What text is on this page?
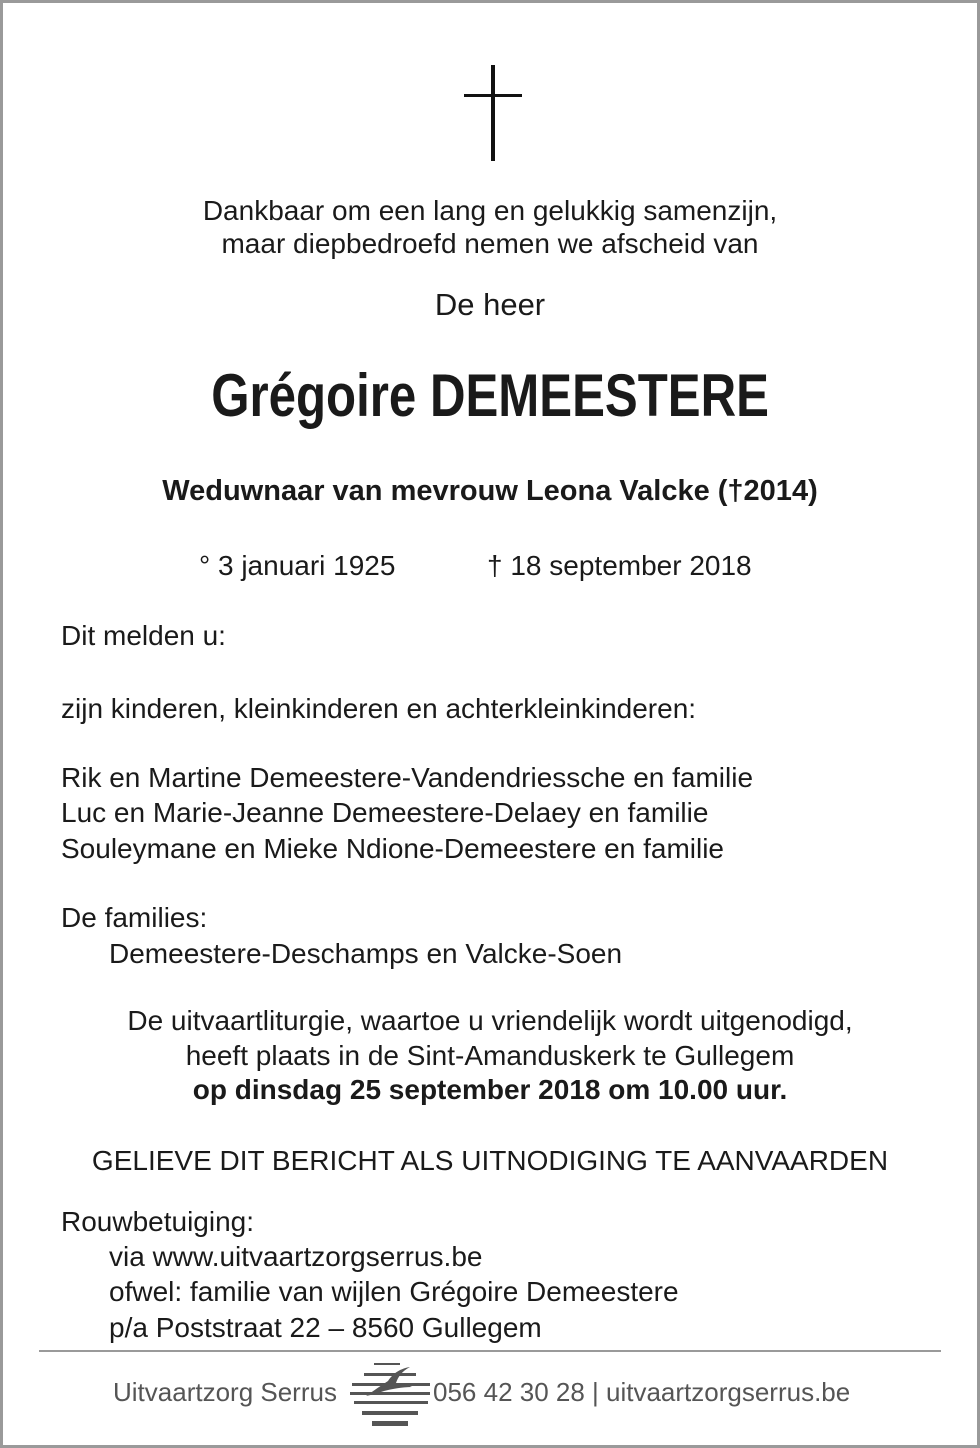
Dankbaar om een lang en gelukkig samenzijn,
maar diepbedroefd nemen we afscheid van
De heer
Grégoire DEMEESTERE
Weduwnaar van mevrouw Leona Valcke (†2014)
° 3 januari 1925	† 18 september 2018
Dit melden u:
zijn kinderen, kleinkinderen en achterkleinkinderen:
Rik en Martine Demeestere-Vandendriessche en familie
Luc en Marie-Jeanne Demeestere-Delaey en familie
Souleymane en Mieke Ndione-Demeestere en familie
De families:
Demeestere-Deschamps en Valcke-Soen
De uitvaartliturgie, waartoe u vriendelijk wordt uitgenodigd,
heeft plaats in de Sint-Amanduskerk te Gullegem
op dinsdag 25 september 2018 om 10.00 uur.
GELIEVE DIT BERICHT ALS UITNODIGING TE AANVAARDEN
Rouwbetuiging:
via www.uitvaartzorgserrus.be
ofwel: familie van wijlen Grégoire Demeestere
p/a Poststraat 22 – 8560 Gullegem
Uitvaartzorg Serrus	056 42 30 28 | uitvaartzorgserrus.be
